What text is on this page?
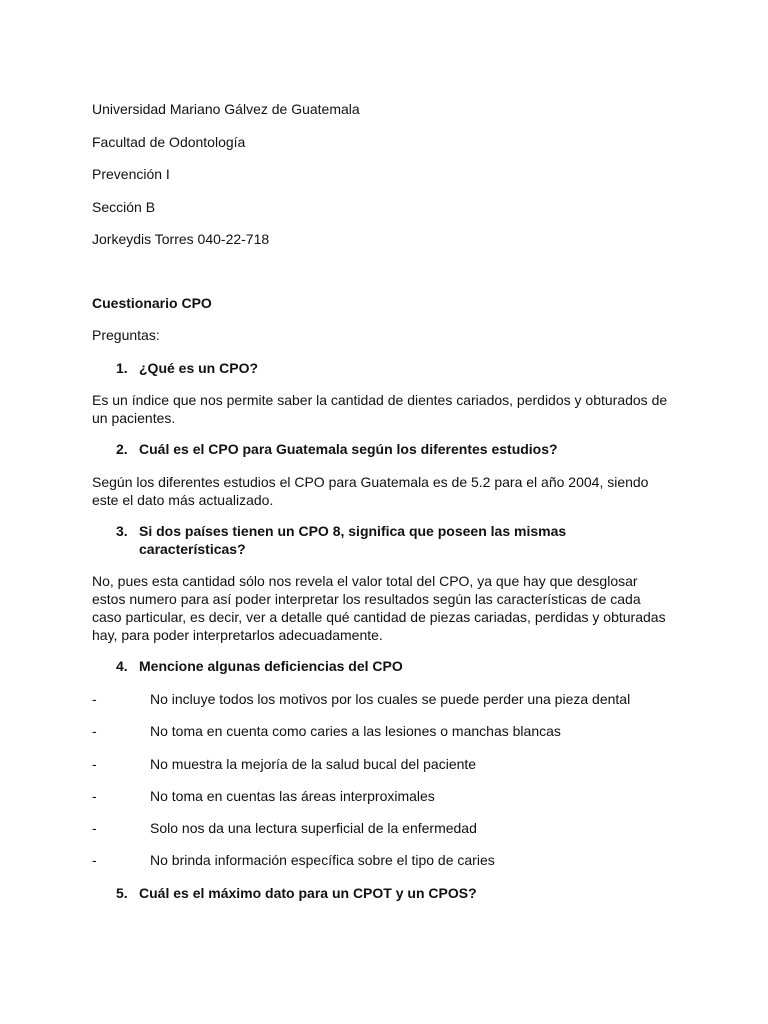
Universidad Mariano Gálvez de Guatemala
Facultad de Odontología
Prevención I
Sección B
Jorkeydis Torres 040-22-718
Cuestionario CPO
Preguntas:
1. ¿Qué es un CPO?
Es un índice que nos permite saber la cantidad de dientes cariados, perdidos y obturados de un pacientes.
2. Cuál es el CPO para Guatemala según los diferentes estudios?
Según los diferentes estudios el CPO para Guatemala es de 5.2 para el año 2004, siendo este el dato más actualizado.
3. Si dos países tienen un CPO 8, significa que poseen las mismas características?
No, pues esta cantidad sólo nos revela el valor total del CPO, ya que hay que desglosar estos numero para así poder interpretar los resultados según las características de cada caso particular, es decir, ver a detalle qué cantidad de piezas cariadas, perdidas y obturadas hay, para poder interpretarlos adecuadamente.
4. Mencione algunas deficiencias del CPO
-	No incluye todos los motivos por los cuales se puede perder una pieza dental
-	No toma en cuenta como caries a las lesiones o manchas blancas
-	No muestra la mejoría de la salud bucal del paciente
-	No toma en cuentas las áreas interproximales
-	Solo nos da una lectura superficial de la enfermedad
-	No brinda información específica sobre el tipo de caries
5. Cuál es el máximo dato para un CPOT y un CPOS?
